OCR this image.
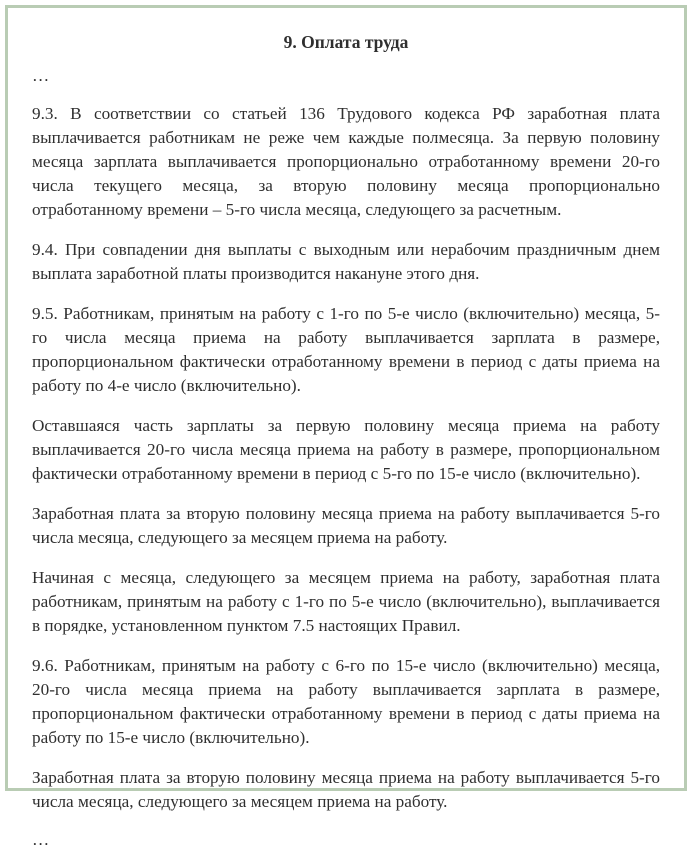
9. Оплата труда
…

9.3. В соответствии со статьей 136 Трудового кодекса РФ заработная плата выплачивается работникам не реже чем каждые полмесяца. За первую половину месяца зарплата выплачивается пропорционально отработанному времени 20-го числа текущего месяца, за вторую половину месяца пропорционально отработанному времени – 5-го числа месяца, следующего за расчетным.

9.4. При совпадении дня выплаты с выходным или нерабочим праздничным днем выплата заработной платы производится накануне этого дня.

9.5. Работникам, принятым на работу с 1-го по 5-е число (включительно) месяца, 5-го числа месяца приема на работу выплачивается зарплата в размере, пропорциональном фактически отработанному времени в период с даты приема на работу по 4-е число (включительно).

Оставшаяся часть зарплаты за первую половину месяца приема на работу выплачивается 20-го числа месяца приема на работу в размере, пропорциональном фактически отработанному времени в период с 5-го по 15-е число (включительно).

Заработная плата за вторую половину месяца приема на работу выплачивается 5-го числа месяца, следующего за месяцем приема на работу.

Начиная с месяца, следующего за месяцем приема на работу, заработная плата работникам, принятым на работу с 1-го по 5-е число (включительно), выплачивается в порядке, установленном пунктом 7.5 настоящих Правил.

9.6. Работникам, принятым на работу с 6-го по 15-е число (включительно) месяца, 20-го числа месяца приема на работу выплачивается зарплата в размере, пропорциональном фактически отработанному времени в период с даты приема на работу по 15-е число (включительно).

Заработная плата за вторую половину месяца приема на работу выплачивается 5-го числа месяца, следующего за месяцем приема на работу.

…
